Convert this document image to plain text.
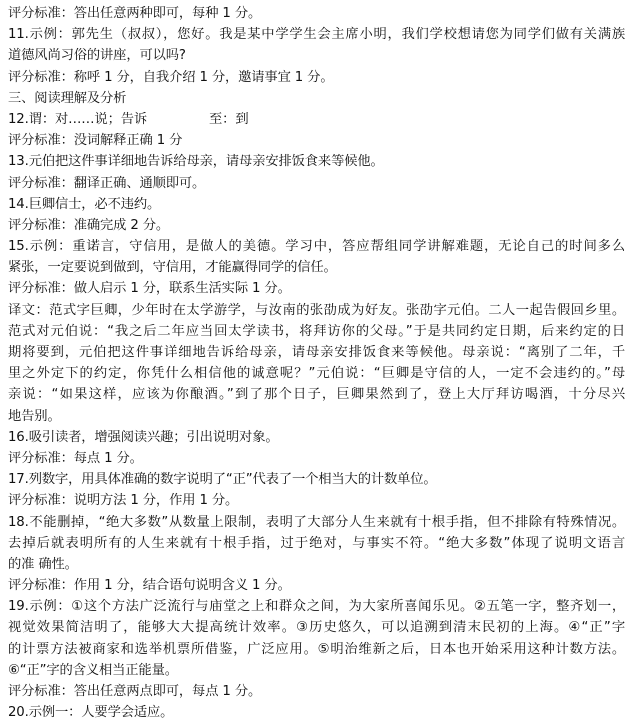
评分标准：答出任意两种即可，每种 1 分。
11.示例：郭先生（叔叔），您好。我是某中学学生会主席小明，我们学校想请您为同学们做有关满族
道德风尚习俗的讲座，可以吗?
评分标准：称呼 1 分，自我介绍 1 分，邀请事宜 1 分。
三、阅读理解及分析
12.谓：对……说；告诉	至：到
评分标准：没词解释正确 1 分
13.元伯把这件事详细地告诉给母亲，请母亲安排饭食来等候他。
评分标准：翻译正确、通顺即可。
14.巨卿信士，必不违约。
评分标准：准确完成 2 分。
15.示例：重诺言，守信用，是做人的美德。学习中，答应帮组同学讲解难题，无论自己的时间多么
紧张，一定要说到做到，守信用，才能赢得同学的信任。
评分标准：做人启示 1 分，联系生活实际 1 分。
译文：范式字巨卿，少年时在太学游学，与汝南的张劭成为好友。张劭字元伯。二人一起告假回乡里。
范式对元伯说：“我之后二年应当回太学读书，将拜访你的父母。”于是共同约定日期，后来约定的日
期将要到，元伯把这件事详细地告诉给母亲，请母亲安排饭食来等候他。母亲说：“离别了二年，千
里之外定下的约定，你凭什么相信他的诚意呢？”元伯说：“巨卿是守信的人，一定不会违约的。”母
亲说：“如果这样，应该为你酿酒。”到了那个日子，巨卿果然到了，登上大厅拜访喝酒，十分尽兴
地告别。
16.吸引读者，增强阅读兴趣；引出说明对象。
评分标准：每点 1 分。
17.列数字，用具体准确的数字说明了“正”代表了一个相当大的计数单位。
评分标准：说明方法 1 分，作用 1 分。
18.不能删掉，“绝大多数”从数量上限制，表明了大部分人生来就有十根手指，但不排除有特殊情况。
去掉后就表明所有的人生来就有十根手指，过于绝对，与事实不符。“绝大多数”体现了说明文语言
的准 确性。
评分标准：作用 1 分，结合语句说明含义 1 分。
19.示例：①这个方法广泛流行与庙堂之上和群众之间，为大家所喜闻乐见。②五笔一字，整齐划一，
视觉效果简洁明了，能够大大提高统计效率。③历史悠久，可以追溯到清末民初的上海。④“正”字
的计票方法被商家和选举机票所借鉴，广泛应用。⑤明治维新之后，日本也开始采用这种计数方法。
⑥“正”字的含义相当正能量。
评分标准：答出任意两点即可，每点 1 分。
20.示例一：人要学会适应。
